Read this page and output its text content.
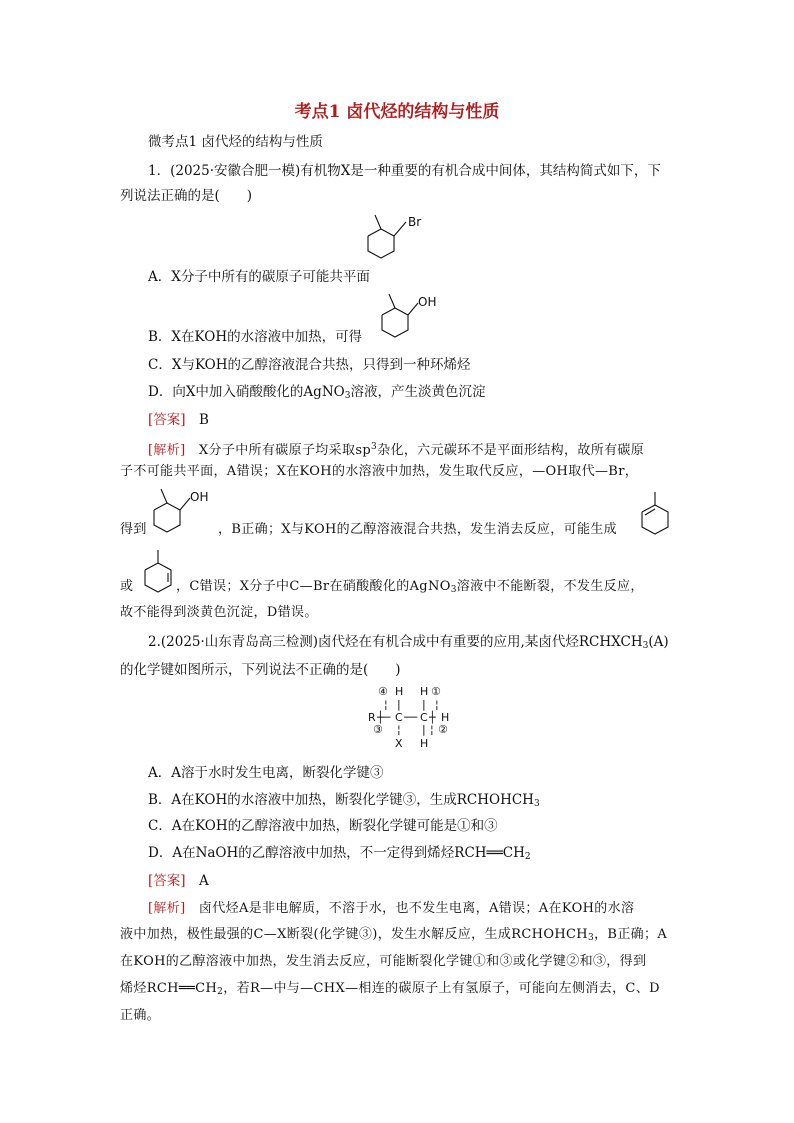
考点1 卤代烃的结构与性质
微考点1 卤代烃的结构与性质
1．(2025·安徽合肥一模)有机物X是一种重要的有机合成中间体，其结构简式如下，下
列说法正确的是(　　)
Br
A．X分子中所有的碳原子可能共平面
B．X在KOH的水溶液中加热，可得
OH
C．X与KOH的乙醇溶液混合共热，只得到一种环烯烃
D．向X中加入硝酸酸化的AgNO$_3$溶液，产生淡黄色沉淀
[答案]　 B
[解析]　X分子中所有碳原子均采取$sp^3$杂化，六元碳环不是平面形结构，故所有碳原
子不可能共平面，A错误；X在KOH的水溶液中加热，发生取代反应，—OH取代—Br，
OH
得到	，B正确；X与KOH的乙醇溶液混合共热，发生消去反应，可能生成
或	，C错误；X分子中C—Br在硝酸酸化的AgNO$_3$溶液中不能断裂，不发生反应，
故不能得到淡黄色沉淀，D错误。
2.(2025·山东青岛高三检测)卤代烃在有机合成中有重要的应用,某卤代烃$RCHXCH_3(A)$
的化学键如图所示，下列说法不正确的是(　　)
④ H H ①
¦ | | ¦
R ┼─ C ── C ┼ H
③ ¦ | ¦ ②
X H
A．A溶于水时发生电离，断裂化学键③
B．A在KOH的水溶液中加热，断裂化学键③，生成$RCHOHCH_3$
C．A在KOH的乙醇溶液中加热，断裂化学键可能是①和③
D．A在NaOH的乙醇溶液中加热，不一定得到烯烃$RCH══CH_2$
[答案]　 A
[解析]　卤代烃A是非电解质，不溶于水，也不发生电离，A错误；A在KOH的水溶
液中加热，极性最强的C—X断裂(化学键③)，发生水解反应，生成$RCHOHCH_3$，B正确；A
在KOH的乙醇溶液中加热，发生消去反应，可能断裂化学键①和③或化学键②和③，得到
烯烃$RCH══CH_2$，若R—中与—CHX—相连的碳原子上有氢原子，可能向左侧消去，C、D
正确。
